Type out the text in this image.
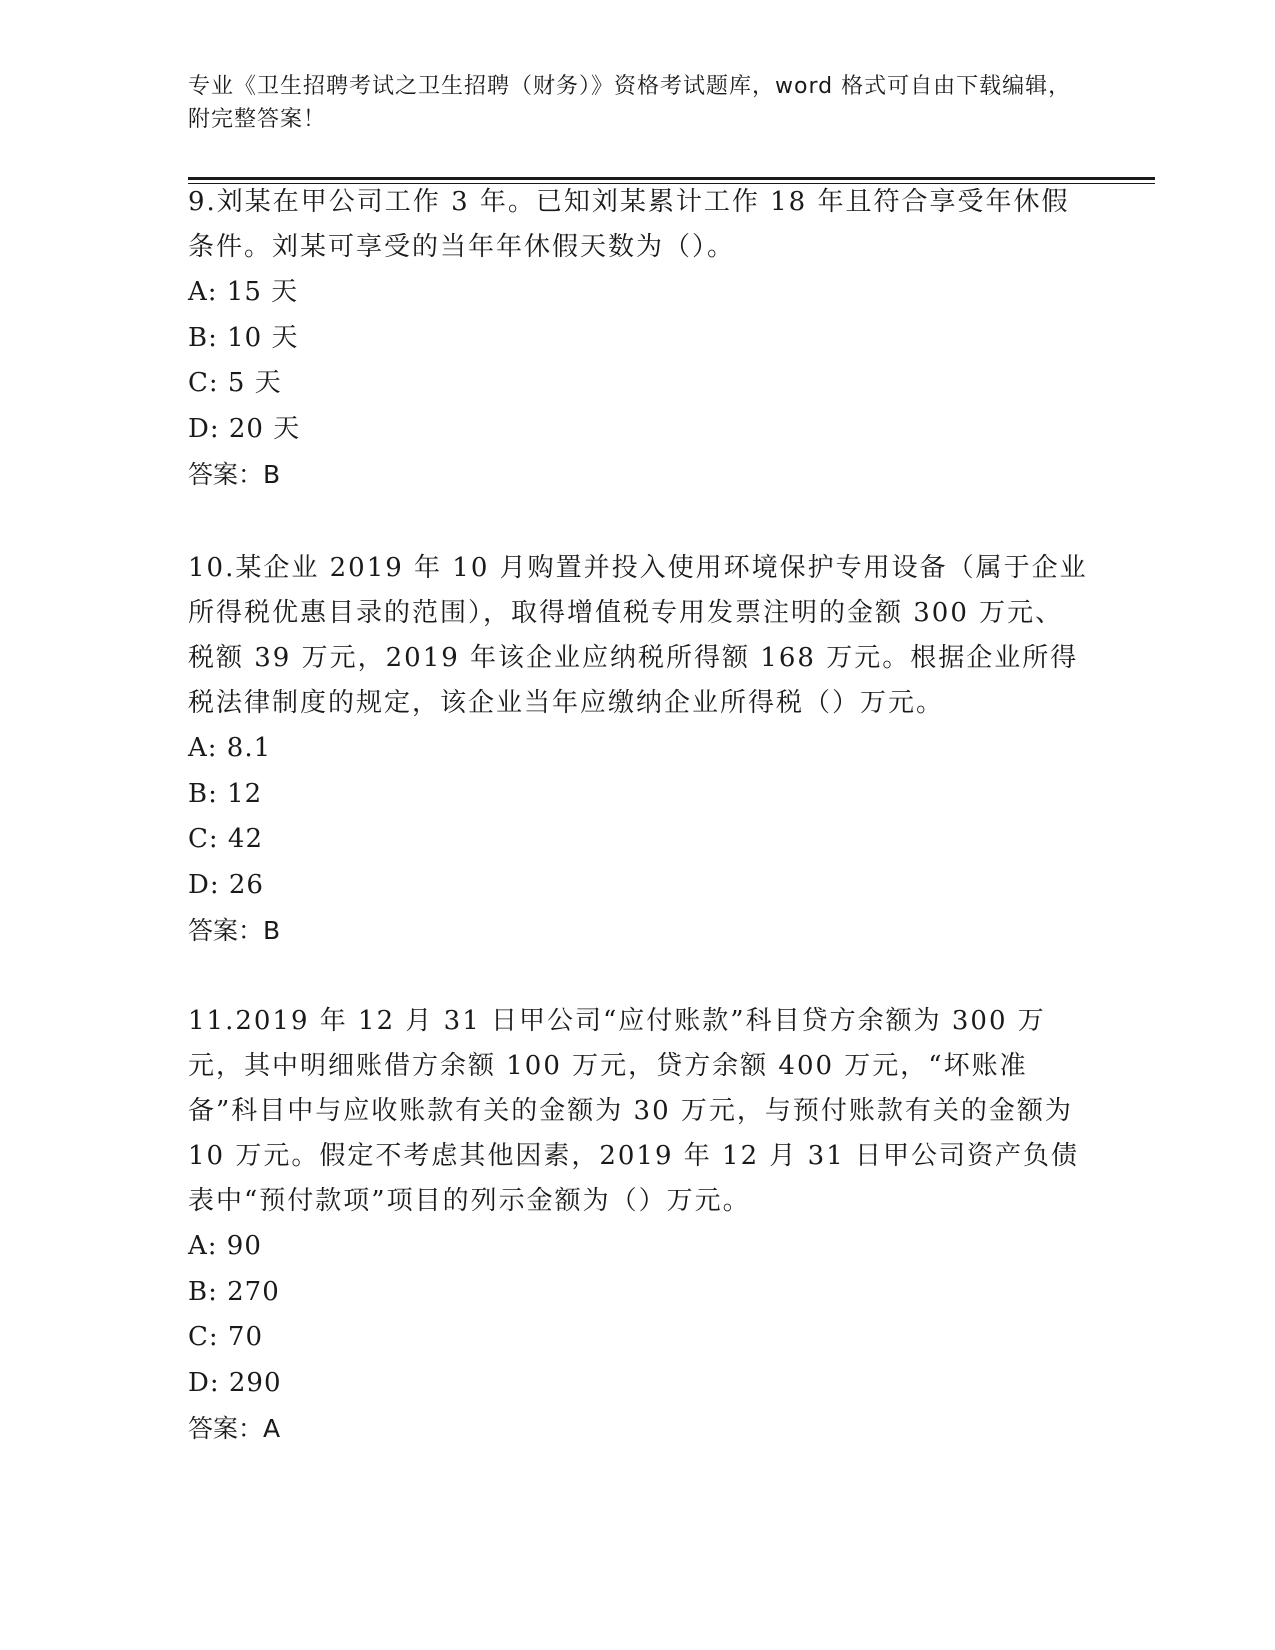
专业《卫生招聘考试之卫生招聘（财务）》资格考试题库，word 格式可自由下载编辑，附完整答案！

9.刘某在甲公司工作 3 年。已知刘某累计工作 18 年且符合享受年休假条件。刘某可享受的当年年休假天数为（）。

A: 15 天

B: 10 天

C: 5 天

D: 20 天

答案：B

10.某企业 2019 年 10 月购置并投入使用环境保护专用设备（属于企业所得税优惠目录的范围），取得增值税专用发票注明的金额 300 万元、税额 39 万元，2019 年该企业应纳税所得额 168 万元。根据企业所得税法律制度的规定，该企业当年应缴纳企业所得税（）万元。

A: 8.1

B: 12

C: 42

D: 26

答案：B

11.2019 年 12 月 31 日甲公司“应付账款”科目贷方余额为 300 万元，其中明细账借方余额 100 万元，贷方余额 400 万元，“坏账准备”科目中与应收账款有关的金额为 30 万元，与预付账款有关的金额为 10 万元。假定不考虑其他因素，2019 年 12 月 31 日甲公司资产负债表中“预付款项”项目的列示金额为（）万元。

A: 90

B: 270

C: 70

D: 290

答案：A
